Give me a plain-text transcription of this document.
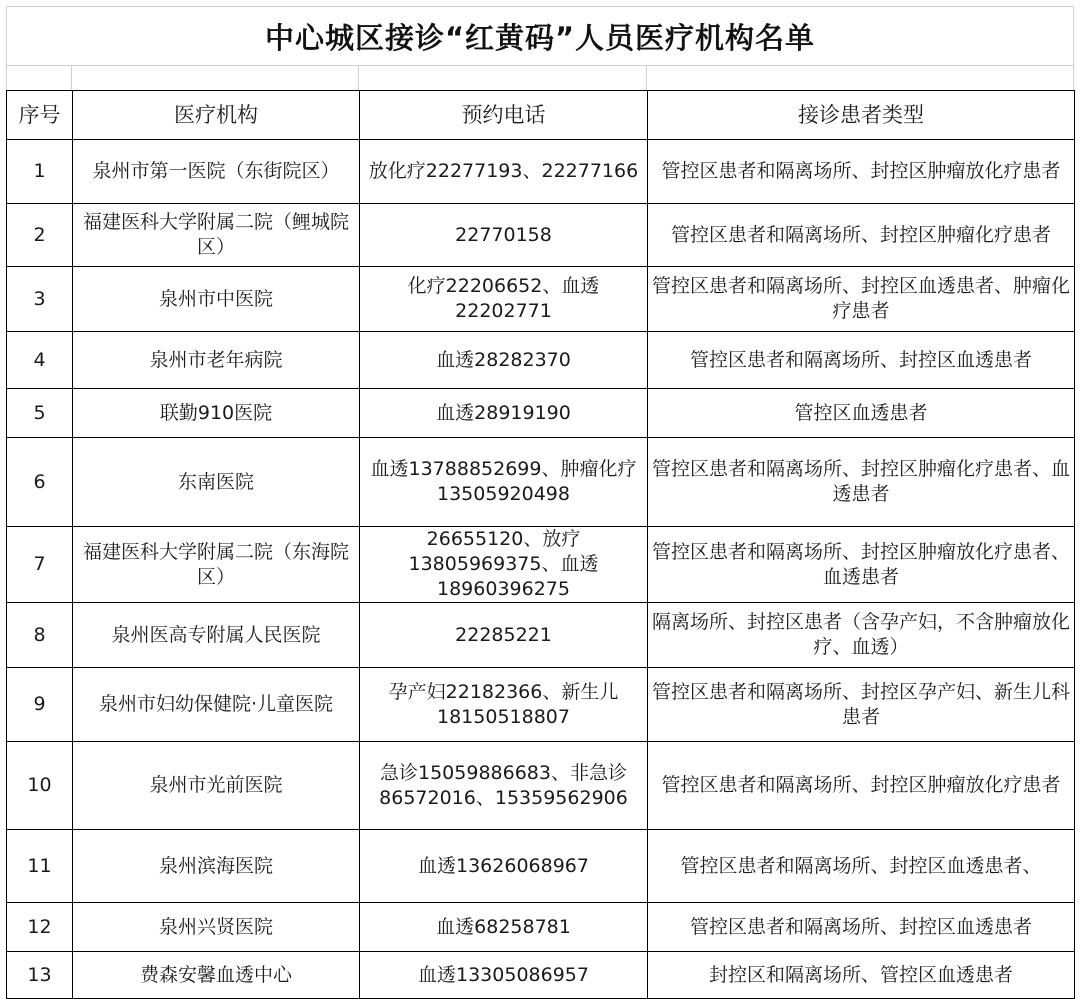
中心城区接诊“红黄码”人员医疗机构名单
序号	医疗机构	预约电话	接诊患者类型
1	泉州市第一医院（东街院区）	放化疗22277193、22277166	管控区患者和隔离场所、封控区肿瘤放化疗患者
2	福建医科大学附属二院（鲤城院区）	22770158	管控区患者和隔离场所、封控区肿瘤化疗患者
3	泉州市中医院	化疗22206652、血透22202771	管控区患者和隔离场所、封控区血透患者、肿瘤化疗患者
4	泉州市老年病院	血透28282370	管控区患者和隔离场所、封控区血透患者
5	联勤910医院	血透28919190	管控区血透患者
6	东南医院	血透13788852699、肿瘤化疗13505920498	管控区患者和隔离场所、封控区肿瘤化疗患者、血透患者
7	福建医科大学附属二院（东海院区）	26655120、放疗13805969375、血透18960396275	管控区患者和隔离场所、封控区肿瘤放化疗患者、血透患者
8	泉州医高专附属人民医院	22285221	隔离场所、封控区患者（含孕产妇，不含肿瘤放化疗、血透）
9	泉州市妇幼保健院·儿童医院	孕产妇22182366、新生儿18150518807	管控区患者和隔离场所、封控区孕产妇、新生儿科患者
10	泉州市光前医院	急诊15059886683、非急诊86572016、15359562906	管控区患者和隔离场所、封控区肿瘤放化疗患者
11	泉州滨海医院	血透13626068967	管控区患者和隔离场所、封控区血透患者、
12	泉州兴贤医院	血透68258781	管控区患者和隔离场所、封控区血透患者
13	费森安馨血透中心	血透13305086957	封控区和隔离场所、管控区血透患者
